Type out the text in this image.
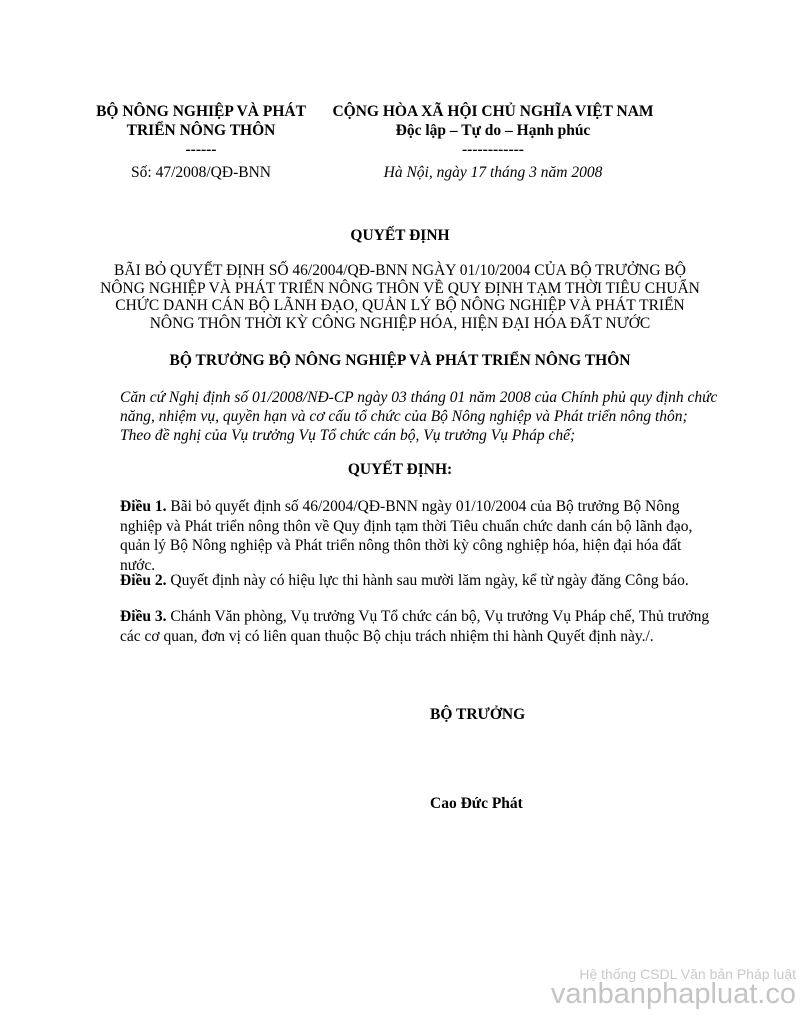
BỘ NÔNG NGHIỆP VÀ PHÁT
TRIỂN NÔNG THÔN
------
CỘNG HÒA XÃ HỘI CHỦ NGHĨA VIỆT NAM
Độc lập – Tự do – Hạnh phúc
------------
Số: 47/2008/QĐ-BNN	Hà Nội, ngày 17 tháng 3 năm 2008
QUYẾT ĐỊNH
BÃI BỎ QUYẾT ĐỊNH SỐ 46/2004/QĐ-BNN NGÀY 01/10/2004 CỦA BỘ TRƯỞNG BỘ
NÔNG NGHIỆP VÀ PHÁT TRIỂN NÔNG THÔN VỀ QUY ĐỊNH TẠM THỜI TIÊU CHUẨN
CHỨC DANH CÁN BỘ LÃNH ĐẠO, QUẢN LÝ BỘ NÔNG NGHIỆP VÀ PHÁT TRIỂN
NÔNG THÔN THỜI KỲ CÔNG NGHIỆP HÓA, HIỆN ĐẠI HÓA ĐẤT NƯỚC
BỘ TRƯỞNG BỘ NÔNG NGHIỆP VÀ PHÁT TRIỂN NÔNG THÔN
Căn cứ Nghị định số 01/2008/NĐ-CP ngày 03 tháng 01 năm 2008 của Chính phủ quy định chức
năng, nhiệm vụ, quyền hạn và cơ cấu tổ chức của Bộ Nông nghiệp và Phát triển nông thôn;
Theo đề nghị của Vụ trưởng Vụ Tổ chức cán bộ, Vụ trưởng Vụ Pháp chế;
QUYẾT ĐỊNH:
Điều 1. Bãi bỏ quyết định số 46/2004/QĐ-BNN ngày 01/10/2004 của Bộ trưởng Bộ Nông
nghiệp và Phát triển nông thôn về Quy định tạm thời Tiêu chuẩn chức danh cán bộ lãnh đạo,
quản lý Bộ Nông nghiệp và Phát triển nông thôn thời kỳ công nghiệp hóa, hiện đại hóa đất nước.
Điều 2. Quyết định này có hiệu lực thi hành sau mười lăm ngày, kể từ ngày đăng Công báo.
Điều 3. Chánh Văn phòng, Vụ trưởng Vụ Tổ chức cán bộ, Vụ trưởng Vụ Pháp chế, Thủ trưởng
các cơ quan, đơn vị có liên quan thuộc Bộ chịu trách nhiệm thi hành Quyết định này./.
BỘ TRƯỞNG
Cao Đức Phát
Hệ thống CSDL Văn bản Pháp luật
vanbanphapluat.co
